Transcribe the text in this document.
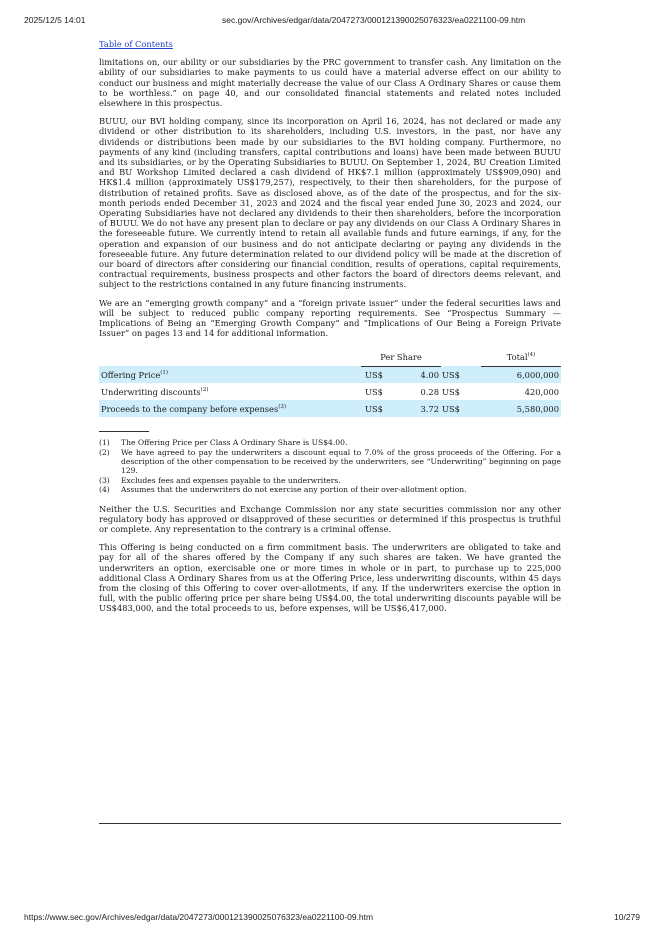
2025/12/5 14:01	sec.gov/Archives/edgar/data/2047273/000121390025076323/ea0221100-09.htm
Table of Contents

limitations on, our ability or our subsidiaries by the PRC government to transfer cash. Any limitation on the ability of our subsidiaries to make payments to us could have a material adverse effect on our ability to conduct our business and might materially decrease the value of our Class A Ordinary Shares or cause them to be worthless.” on page 40, and our consolidated financial statements and related notes included elsewhere in this prospectus.

BUUU, our BVI holding company, since its incorporation on April 16, 2024, has not declared or made any dividend or other distribution to its shareholders, including U.S. investors, in the past, nor have any dividends or distributions been made by our subsidiaries to the BVI holding company. Furthermore, no payments of any kind (including transfers, capital contributions and loans) have been made between BUUU and its subsidiaries, or by the Operating Subsidiaries to BUUU. On September 1, 2024, BU Creation Limited and BU Workshop Limited declared a cash dividend of HK$7.1 million (approximately US$909,090) and HK$1.4 million (approximately US$179,257), respectively, to their then shareholders, for the purpose of distribution of retained profits. Save as disclosed above, as of the date of the prospectus, and for the six-month periods ended December 31, 2023 and 2024 and the fiscal year ended June 30, 2023 and 2024, our Operating Subsidiaries have not declared any dividends to their then shareholders, before the incorporation of BUUU. We do not have any present plan to declare or pay any dividends on our Class A Ordinary Shares in the foreseeable future. We currently intend to retain all available funds and future earnings, if any, for the operation and expansion of our business and do not anticipate declaring or paying any dividends in the foreseeable future. Any future determination related to our dividend policy will be made at the discretion of our board of directors after considering our financial condition, results of operations, capital requirements, contractual requirements, business prospects and other factors the board of directors deems relevant, and subject to the restrictions contained in any future financing instruments.

We are an “emerging growth company” and a “foreign private issuer” under the federal securities laws and will be subject to reduced public company reporting requirements. See “Prospectus Summary — Implications of Being an “Emerging Growth Company” and “Implications of Our Being a Foreign Private Issuer” on pages 13 and 14 for additional information.

	Per Share			Total$^{(4)}$
Offering Price$^{(1)}$	US$	4.00	US$	6,000,000
Underwriting discounts$^{(2)}$	US$	0.28	US$	420,000
Proceeds to the company before expenses$^{(3)}$	US$	3.72	US$	5,580,000
(1)	The Offering Price per Class A Ordinary Share is US$4.00.
(2)	We have agreed to pay the underwriters a discount equal to 7.0% of the gross proceeds of the Offering. For a description of the other compensation to be received by the underwriters, see “Underwriting” beginning on page 129.
(3)	Excludes fees and expenses payable to the underwriters.
(4)	Assumes that the underwriters do not exercise any portion of their over-allotment option.

Neither the U.S. Securities and Exchange Commission nor any state securities commission nor any other regulatory body has approved or disapproved of these securities or determined if this prospectus is truthful or complete. Any representation to the contrary is a criminal offense.

This Offering is being conducted on a firm commitment basis. The underwriters are obligated to take and pay for all of the shares offered by the Company if any such shares are taken. We have granted the underwriters an option, exercisable one or more times in whole or in part, to purchase up to 225,000 additional Class A Ordinary Shares from us at the Offering Price, less underwriting discounts, within 45 days from the closing of this Offering to cover over-allotments, if any. If the underwriters exercise the option in full, with the public offering price per share being US$4.00, the total underwriting discounts payable will be US$483,000, and the total proceeds to us, before expenses, will be US$6,417,000.

https://www.sec.gov/Archives/edgar/data/2047273/000121390025076323/ea0221100-09.htm	10/279
